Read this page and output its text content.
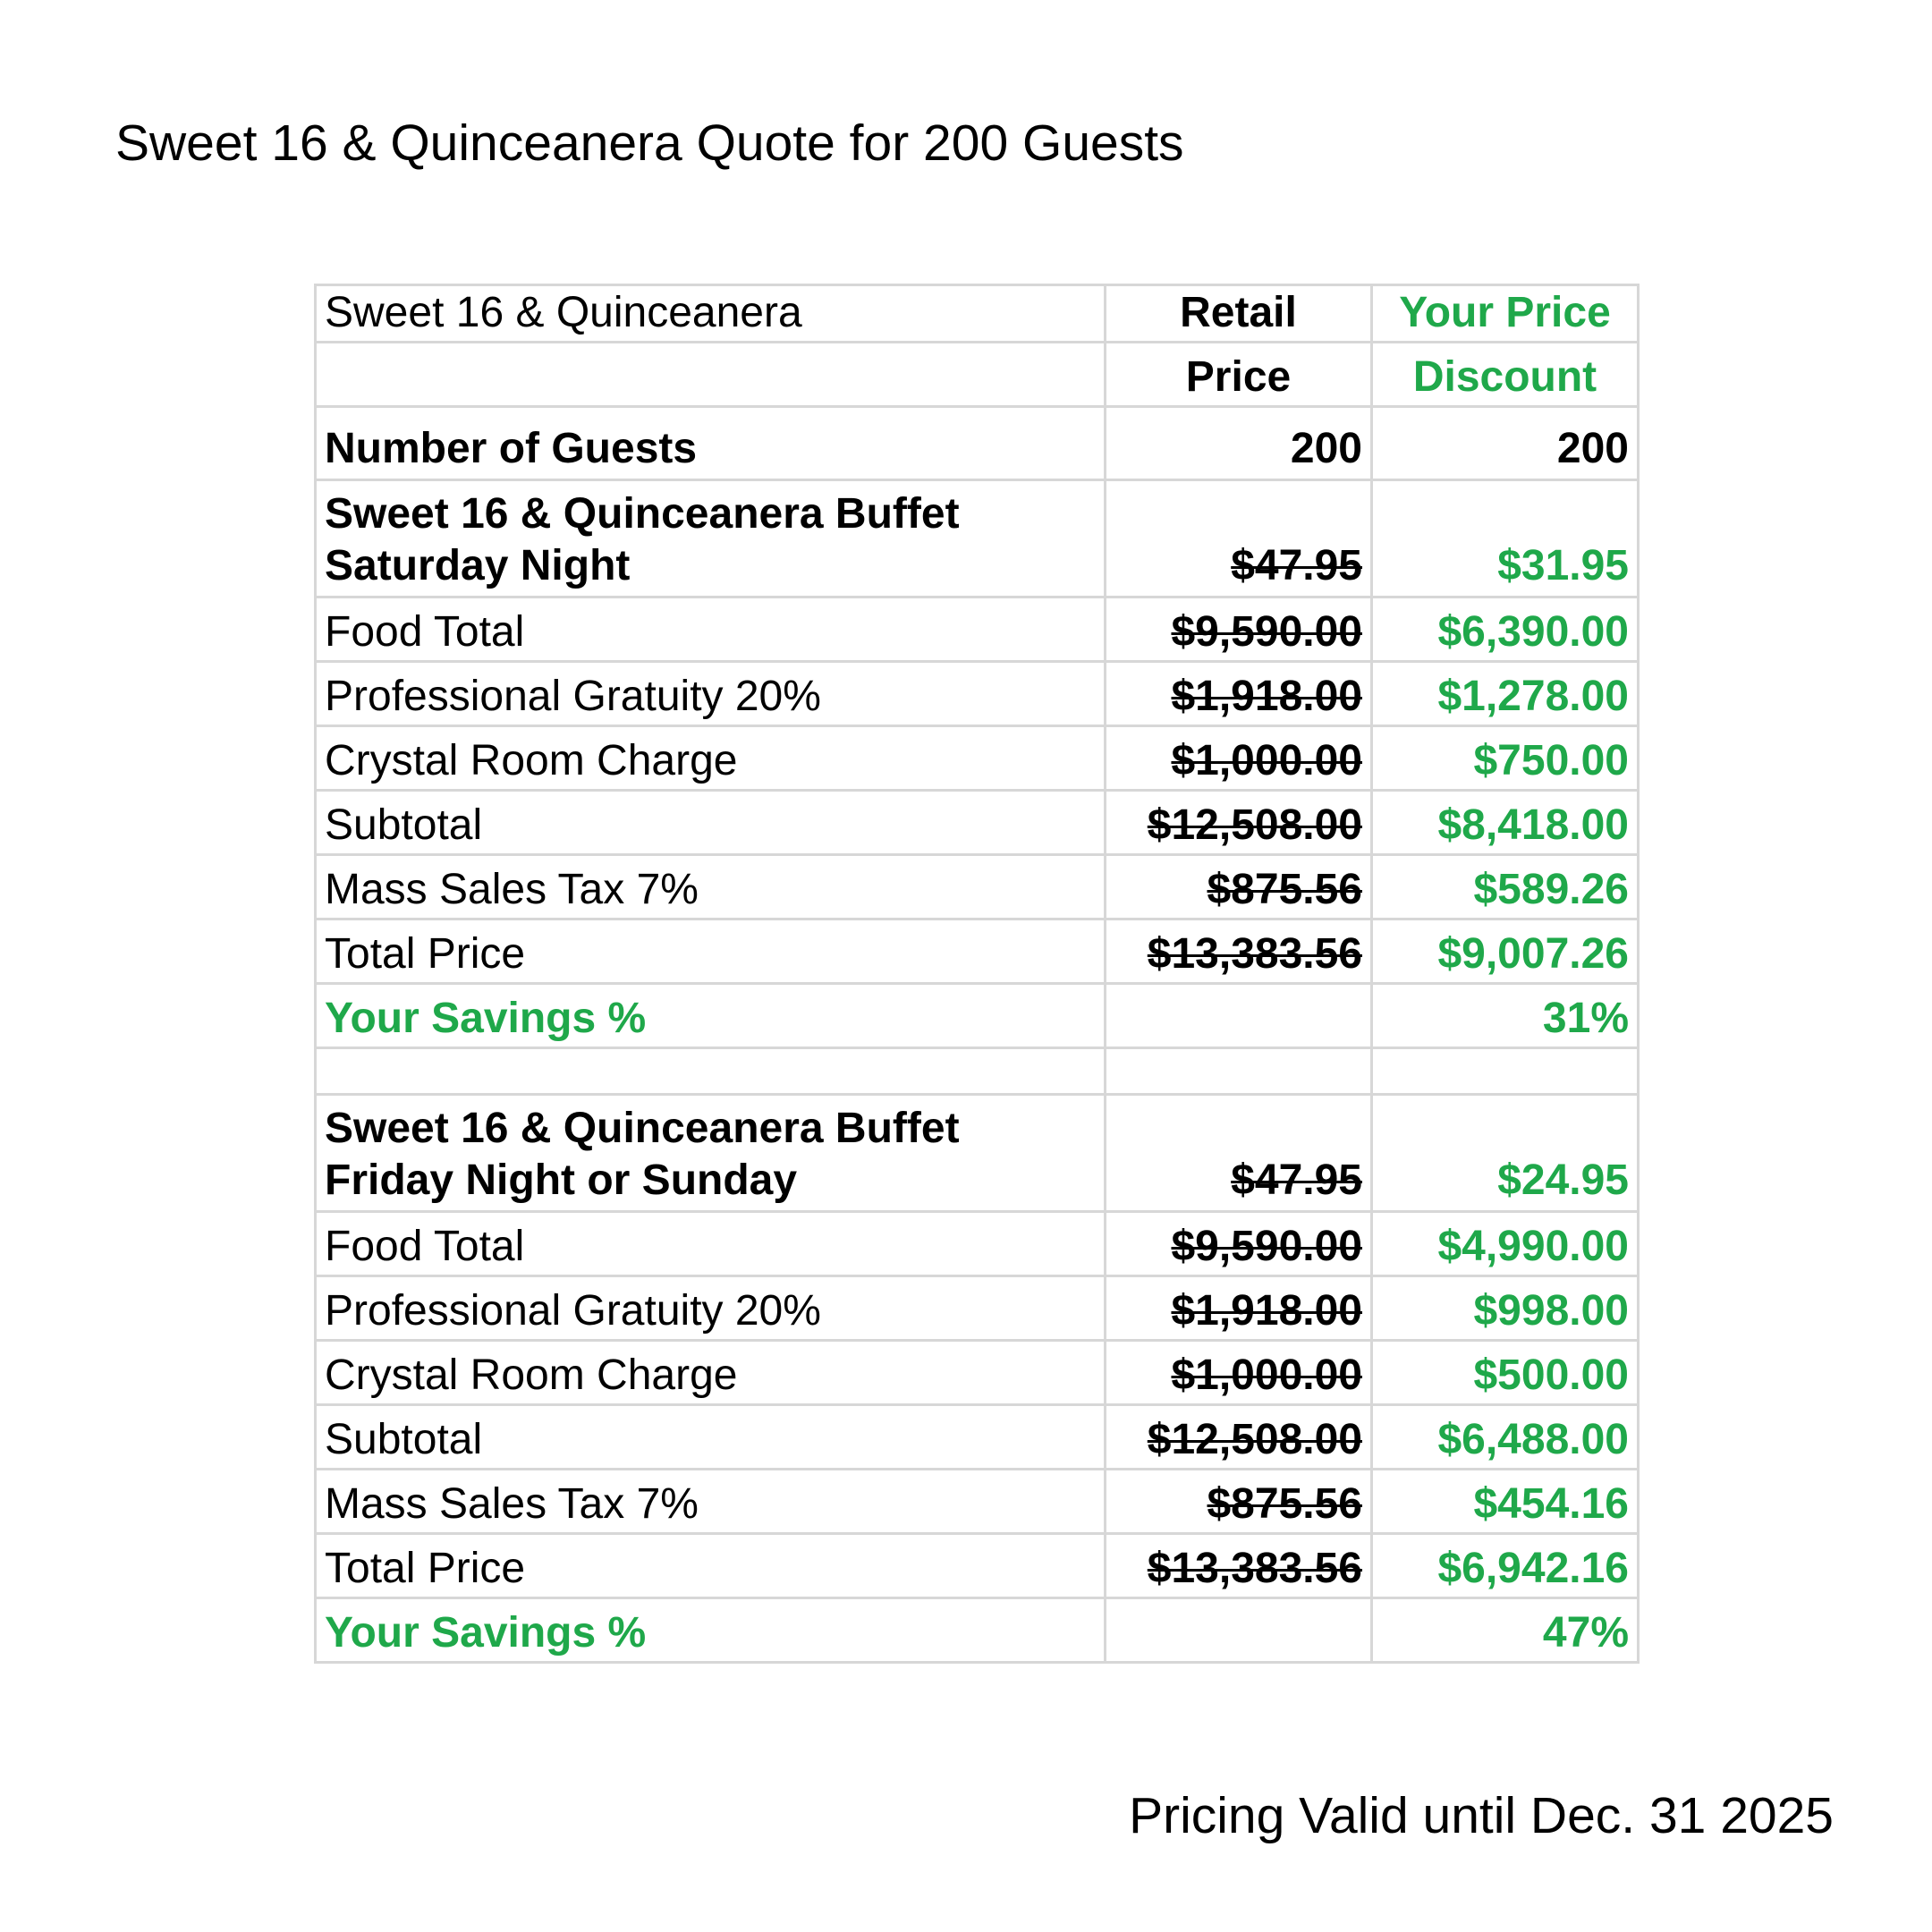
Sweet 16 & Quinceanera Quote for 200 Guests
Sweet 16 & Quinceanera	Retail	Your Price
	Price	Discount
Number of Guests	200	200

Sweet 16 & Quinceanera Buffet
Saturday Night	$47.95	$31.95
Food Total	$9,590.00	$6,390.00
Professional Gratuity 20%	$1,918.00	$1,278.00
Crystal Room Charge	$1,000.00	$750.00
Subtotal	$12,508.00	$8,418.00
Mass Sales Tax 7%	$875.56	$589.26
Total Price	$13,383.56	$9,007.26
Your Savings %		31%

Sweet 16 & Quinceanera Buffet
Friday Night or Sunday	$47.95	$24.95
Food Total	$9,590.00	$4,990.00
Professional Gratuity 20%	$1,918.00	$998.00
Crystal Room Charge	$1,000.00	$500.00
Subtotal	$12,508.00	$6,488.00
Mass Sales Tax 7%	$875.56	$454.16
Total Price	$13,383.56	$6,942.16
Your Savings %		47%
Pricing Valid until Dec. 31 2025
